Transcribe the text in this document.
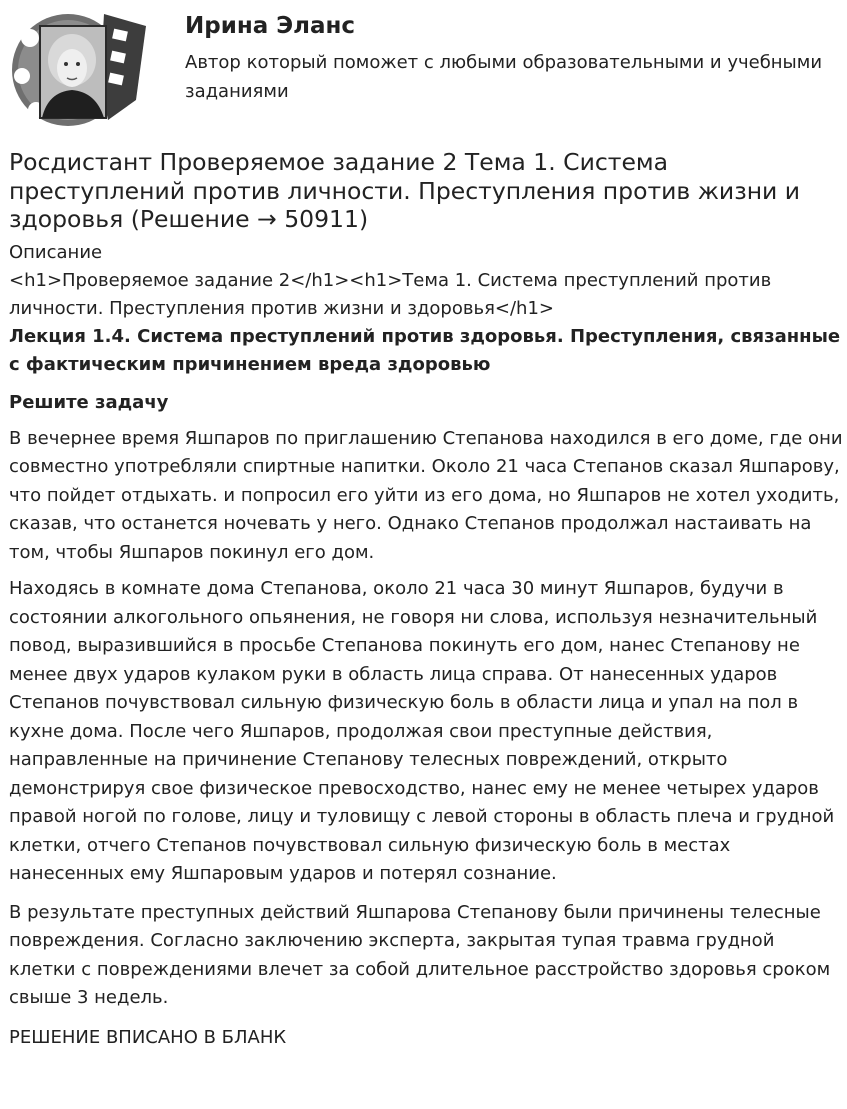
Ирина Эланс
Автор который поможет с любыми образовательными и учебными заданиями
Росдистант Проверяемое задание 2 Тема 1. Система преступлений против личности. Преступления против жизни и здоровья (Решение → 50911)
Описание
<h1>Проверяемое задание 2</h1><h1>Тема 1. Система преступлений против личности. Преступления против жизни и здоровья</h1>
Лекция 1.4. Система преступлений против здоровья. Преступления, связанные с фактическим причинением вреда здоровью
Решите задачу

В вечернее время Яшпаров по приглашению Степанова находился в его доме, где они совместно употребляли спиртные напитки. Около 21 часа Степанов сказал Яшпарову, что пойдет отдыхать. и попросил его уйти из его дома, но Яшпаров не хотел уходить, сказав, что останется ночевать у него. Однако Степанов продолжал настаивать на том, чтобы Яшпаров покинул его дом.

Находясь в комнате дома Степанова, около 21 часа 30 минут Яшпаров, будучи в состоянии алкогольного опьянения, не говоря ни слова, используя незначительный повод, выразившийся в просьбе Степанова покинуть его дом, нанес Степанову не менее двух ударов кулаком руки в область лица справа. От нанесенных ударов Степанов почувствовал сильную физическую боль в области лица и упал на пол в кухне дома. После чего Яшпаров, продолжая свои преступные действия, направленные на причинение Степанову телесных повреждений, открыто демонстрируя свое физическое превосходство, нанес ему не менее четырех ударов правой ногой по голове, лицу и туловищу с левой стороны в область плеча и грудной клетки, отчего Степанов почувствовал сильную физическую боль в местах нанесенных ему Яшпаровым ударов и потерял сознание.

В результате преступных действий Яшпарова Степанову были причинены телесные повреждения. Согласно заключению эксперта, закрытая тупая травма грудной клетки с повреждениями влечет за собой длительное расстройство здоровья сроком свыше 3 недель.

РЕШЕНИЕ ВПИСАНО В БЛАНК
